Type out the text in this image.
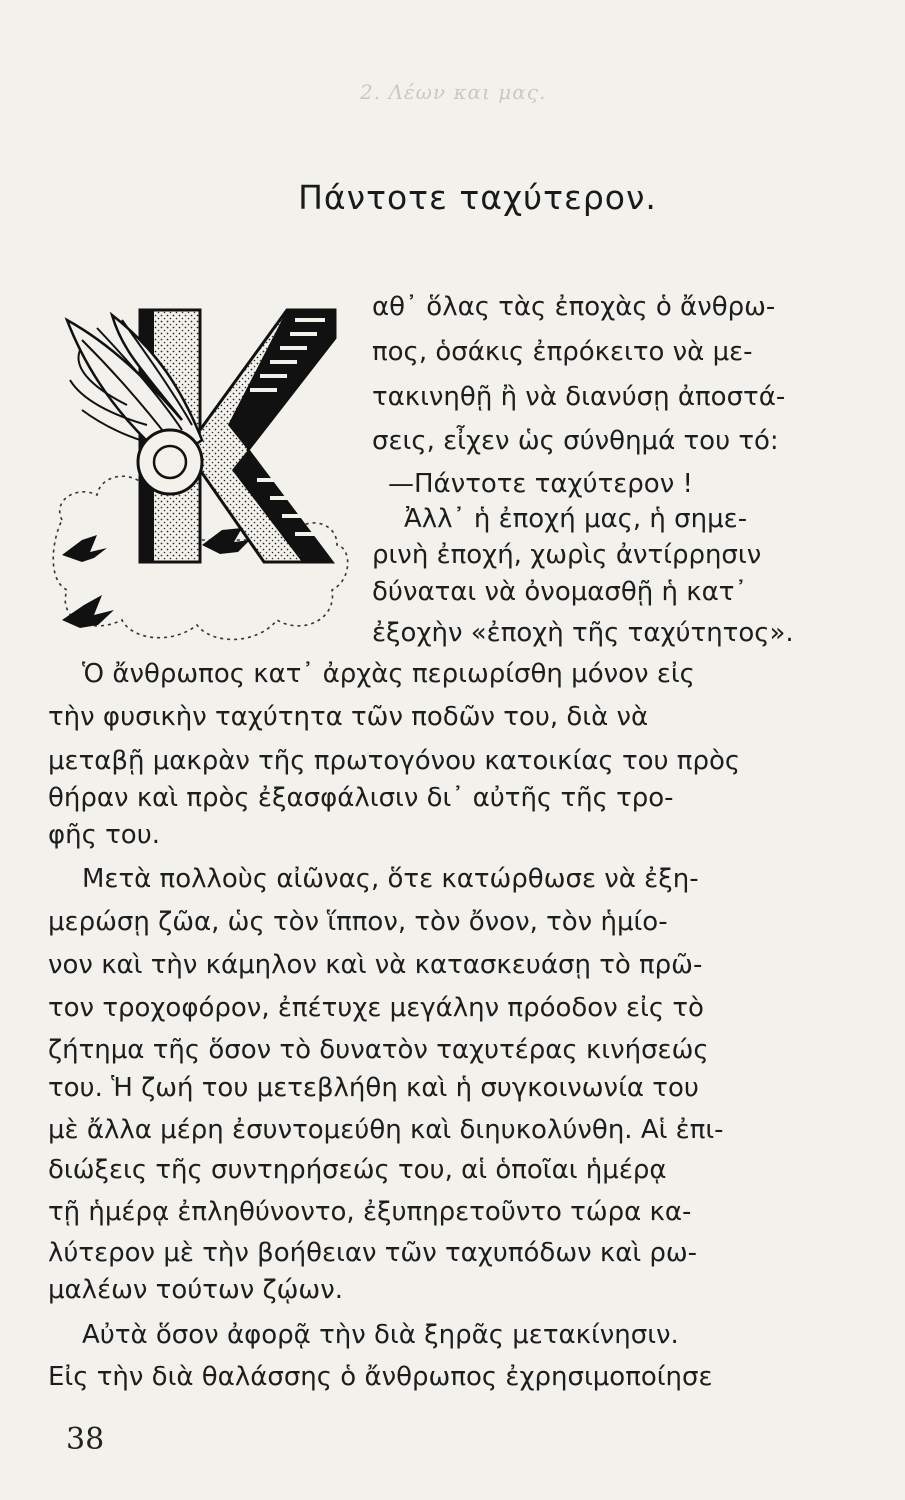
2. Λέων και μας.
Πάντοτε ταχύτερον.
αθ᾽ ὅλας τὰς ἐποχὰς ὁ ἄνθρω-
πος, ὁσάκις ἐπρόκειτο νὰ με-
τακινηθῇ ἢ νὰ διανύσῃ ἀποστά-
σεις, εἶχεν ὡς σύνθημά του τό:
—Πάντοτε ταχύτερον !
Ἀλλ᾽ ἡ ἐποχή μας, ἡ σημε-
ρινὴ ἐποχή, χωρὶς ἀντίρρησιν
δύναται νὰ ὀνομασθῇ ἡ κατ᾽
ἐξοχὴν «ἐποχὴ τῆς ταχύτητος».
Ὁ ἄνθρωπος κατ᾽ ἀρχὰς περιωρίσθη μόνον εἰς
τὴν φυσικὴν ταχύτητα τῶν ποδῶν του, διὰ νὰ
μεταβῇ μακρὰν τῆς πρωτογόνου κατοικίας του πρὸς
θήραν καὶ πρὸς ἐξασφάλισιν δι᾽ αὐτῆς τῆς τρο-
φῆς του.
Μετὰ πολλοὺς αἰῶνας, ὅτε κατώρθωσε νὰ ἐξη-
μερώσῃ ζῶα, ὡς τὸν ἵππον, τὸν ὄνον, τὸν ἡμίο-
νον καὶ τὴν κάμηλον καὶ νὰ κατασκευάσῃ τὸ πρῶ-
τον τροχοφόρον, ἐπέτυχε μεγάλην πρόοδον εἰς τὸ
ζήτημα τῆς ὅσον τὸ δυνατὸν ταχυτέρας κινήσεώς
του. Ἡ ζωή του μετεβλήθη καὶ ἡ συγκοινωνία του
μὲ ἄλλα μέρη ἐσυντομεύθη καὶ διηυκολύνθη. Αἱ ἐπι-
διώξεις τῆς συντηρήσεώς του, αἱ ὁποῖαι ἡμέρᾳ
τῇ ἡμέρᾳ ἐπληθύνοντο, ἐξυπηρετοῦντο τώρα κα-
λύτερον μὲ τὴν βοήθειαν τῶν ταχυπόδων καὶ ρω-
μαλέων τούτων ζῴων.
Αὐτὰ ὅσον ἀφορᾷ τὴν διὰ ξηρᾶς μετακίνησιν.
Εἰς τὴν διὰ θαλάσσης ὁ ἄνθρωπος ἐχρησιμοποίησε
38
